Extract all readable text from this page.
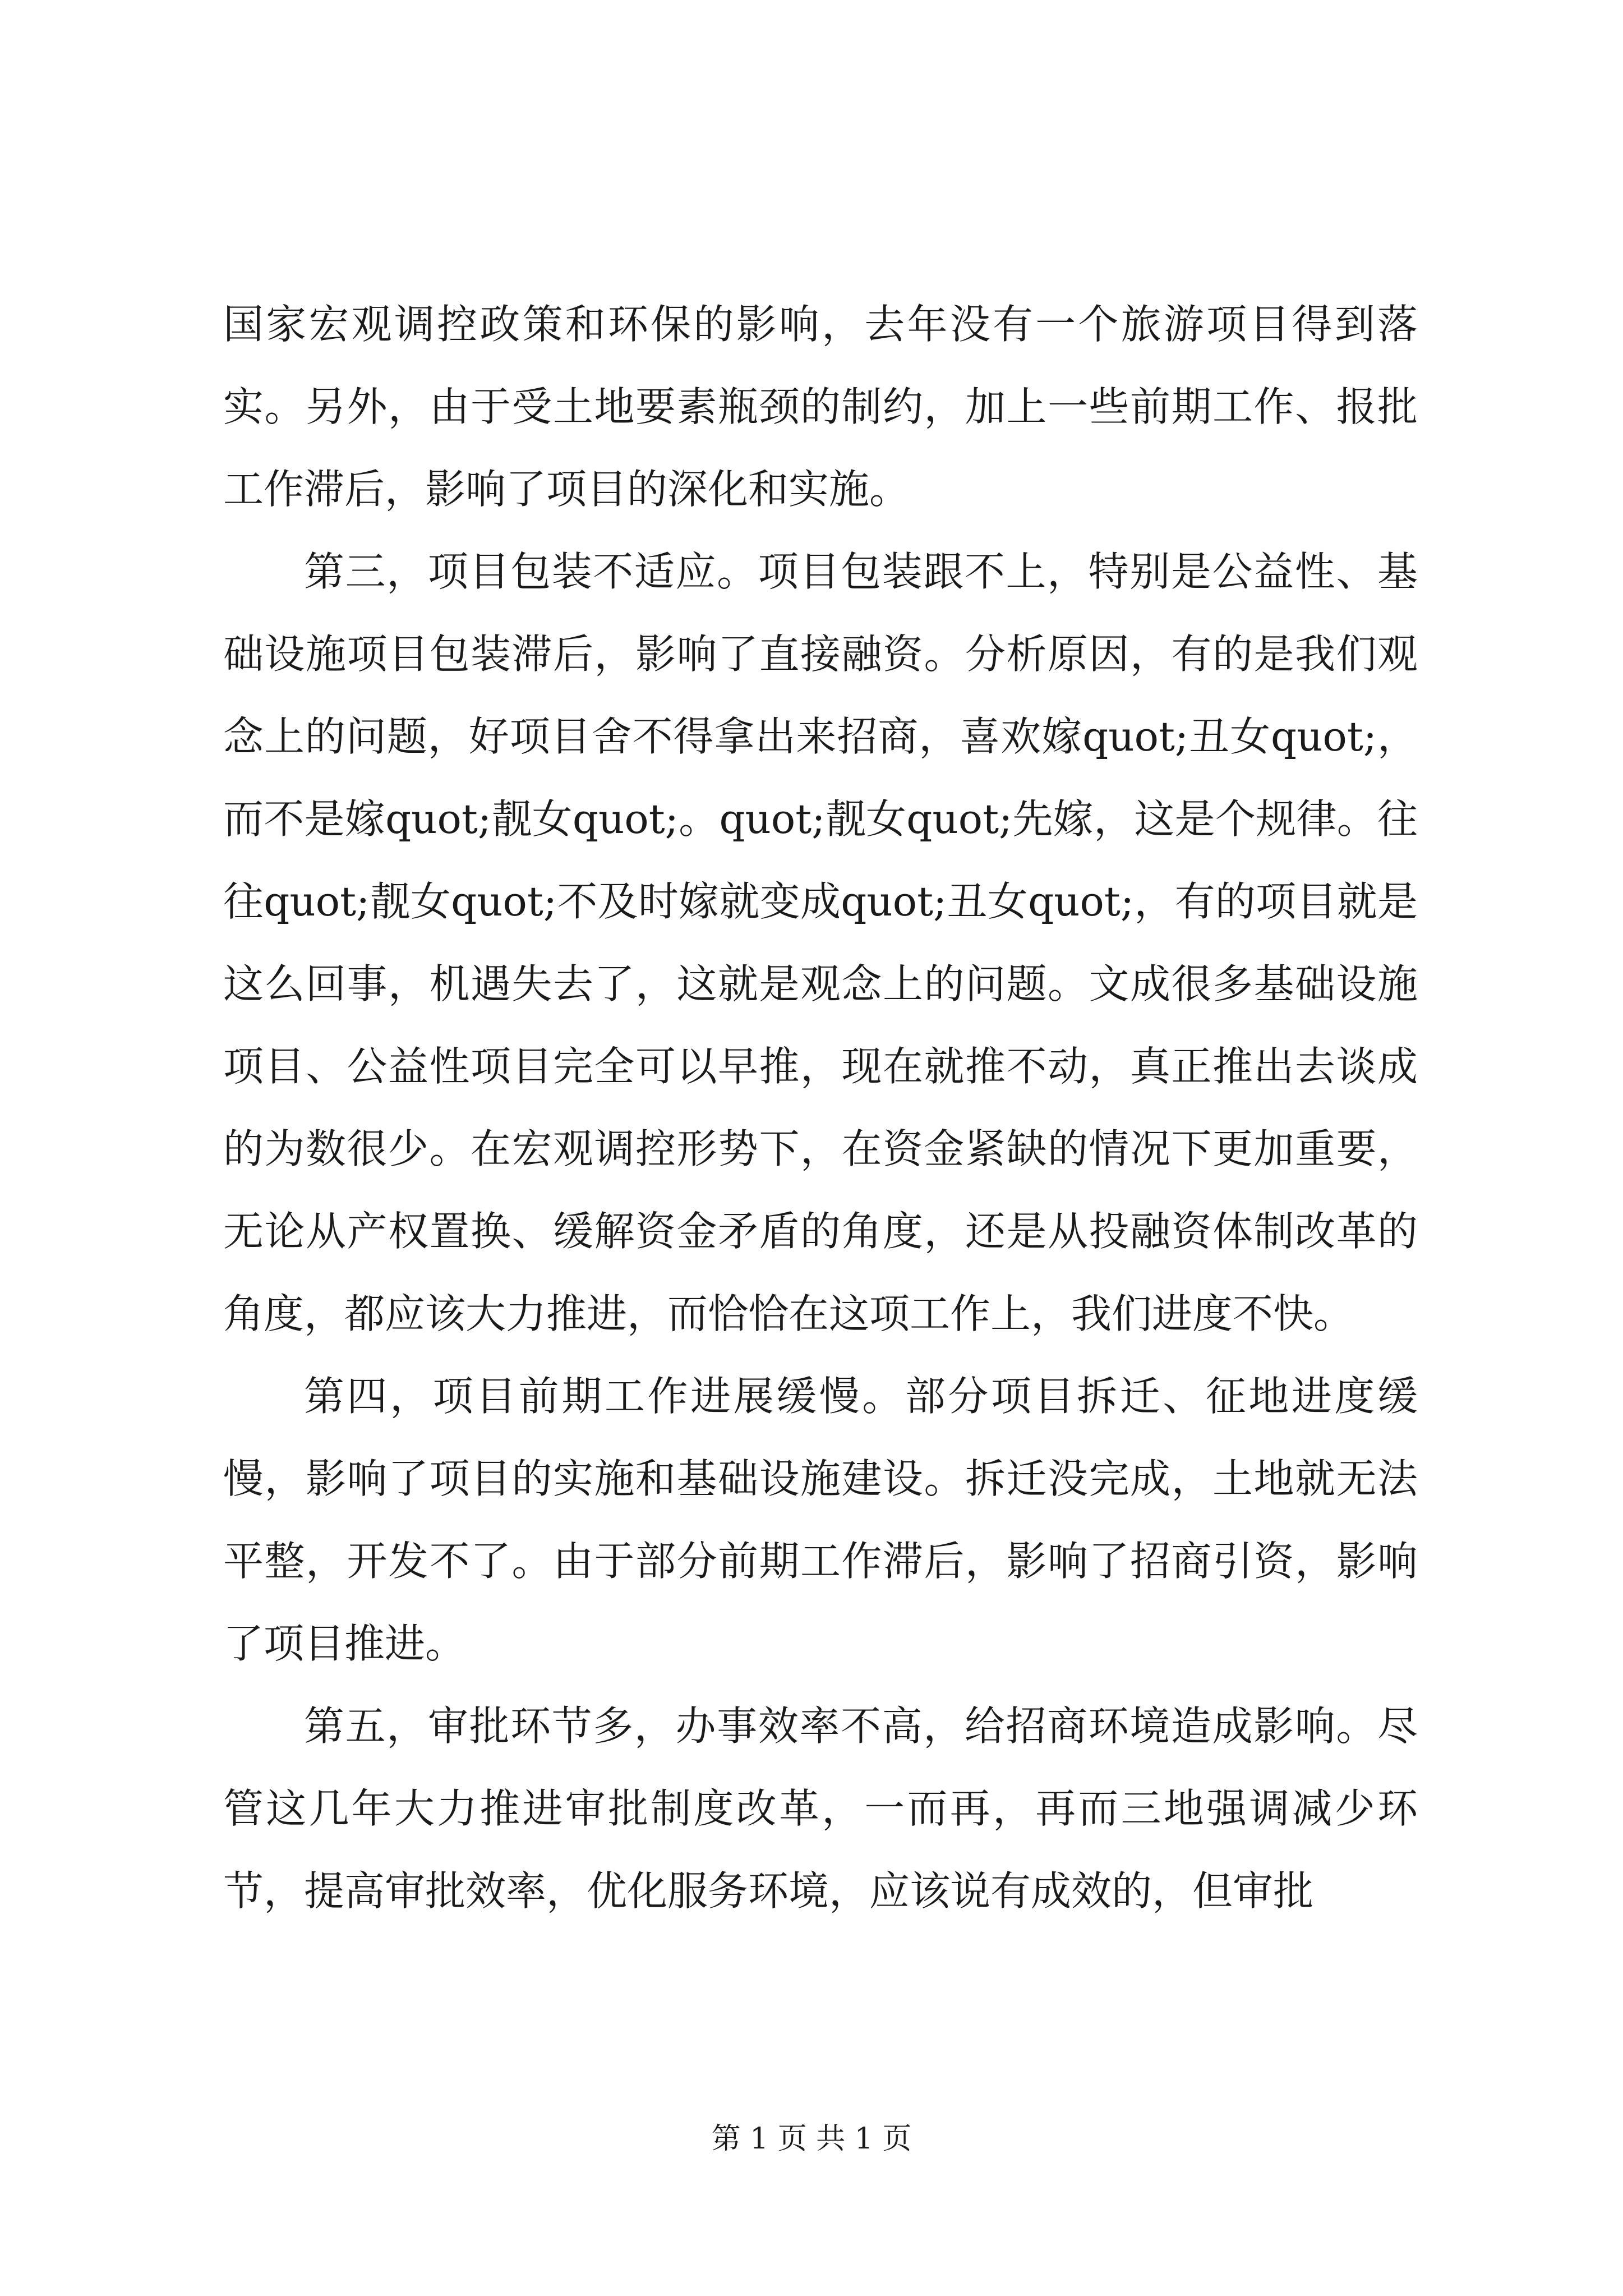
国家宏观调控政策和环保的影响，去年没有一个旅游项目得到落实。另外，由于受土地要素瓶颈的制约，加上一些前期工作、报批工作滞后，影响了项目的深化和实施。

第三，项目包装不适应。项目包装跟不上，特别是公益性、基础设施项目包装滞后，影响了直接融资。分析原因，有的是我们观念上的问题，好项目舍不得拿出来招商，喜欢嫁quot;丑女quot;，而不是嫁quot;靓女quot;。quot;靓女quot;先嫁，这是个规律。往往quot;靓女quot;不及时嫁就变成quot;丑女quot;，有的项目就是这么回事，机遇失去了，这就是观念上的问题。文成很多基础设施项目、公益性项目完全可以早推，现在就推不动，真正推出去谈成的为数很少。在宏观调控形势下，在资金紧缺的情况下更加重要，无论从产权置换、缓解资金矛盾的角度，还是从投融资体制改革的角度，都应该大力推进，而恰恰在这项工作上，我们进度不快。

第四，项目前期工作进展缓慢。部分项目拆迁、征地进度缓慢，影响了项目的实施和基础设施建设。拆迁没完成，土地就无法平整，开发不了。由于部分前期工作滞后，影响了招商引资，影响了项目推进。

第五，审批环节多，办事效率不高，给招商环境造成影响。尽管这几年大力推进审批制度改革，一而再，再而三地强调减少环节，提高审批效率，优化服务环境，应该说有成效的，但审批

第 1 页 共 1 页
